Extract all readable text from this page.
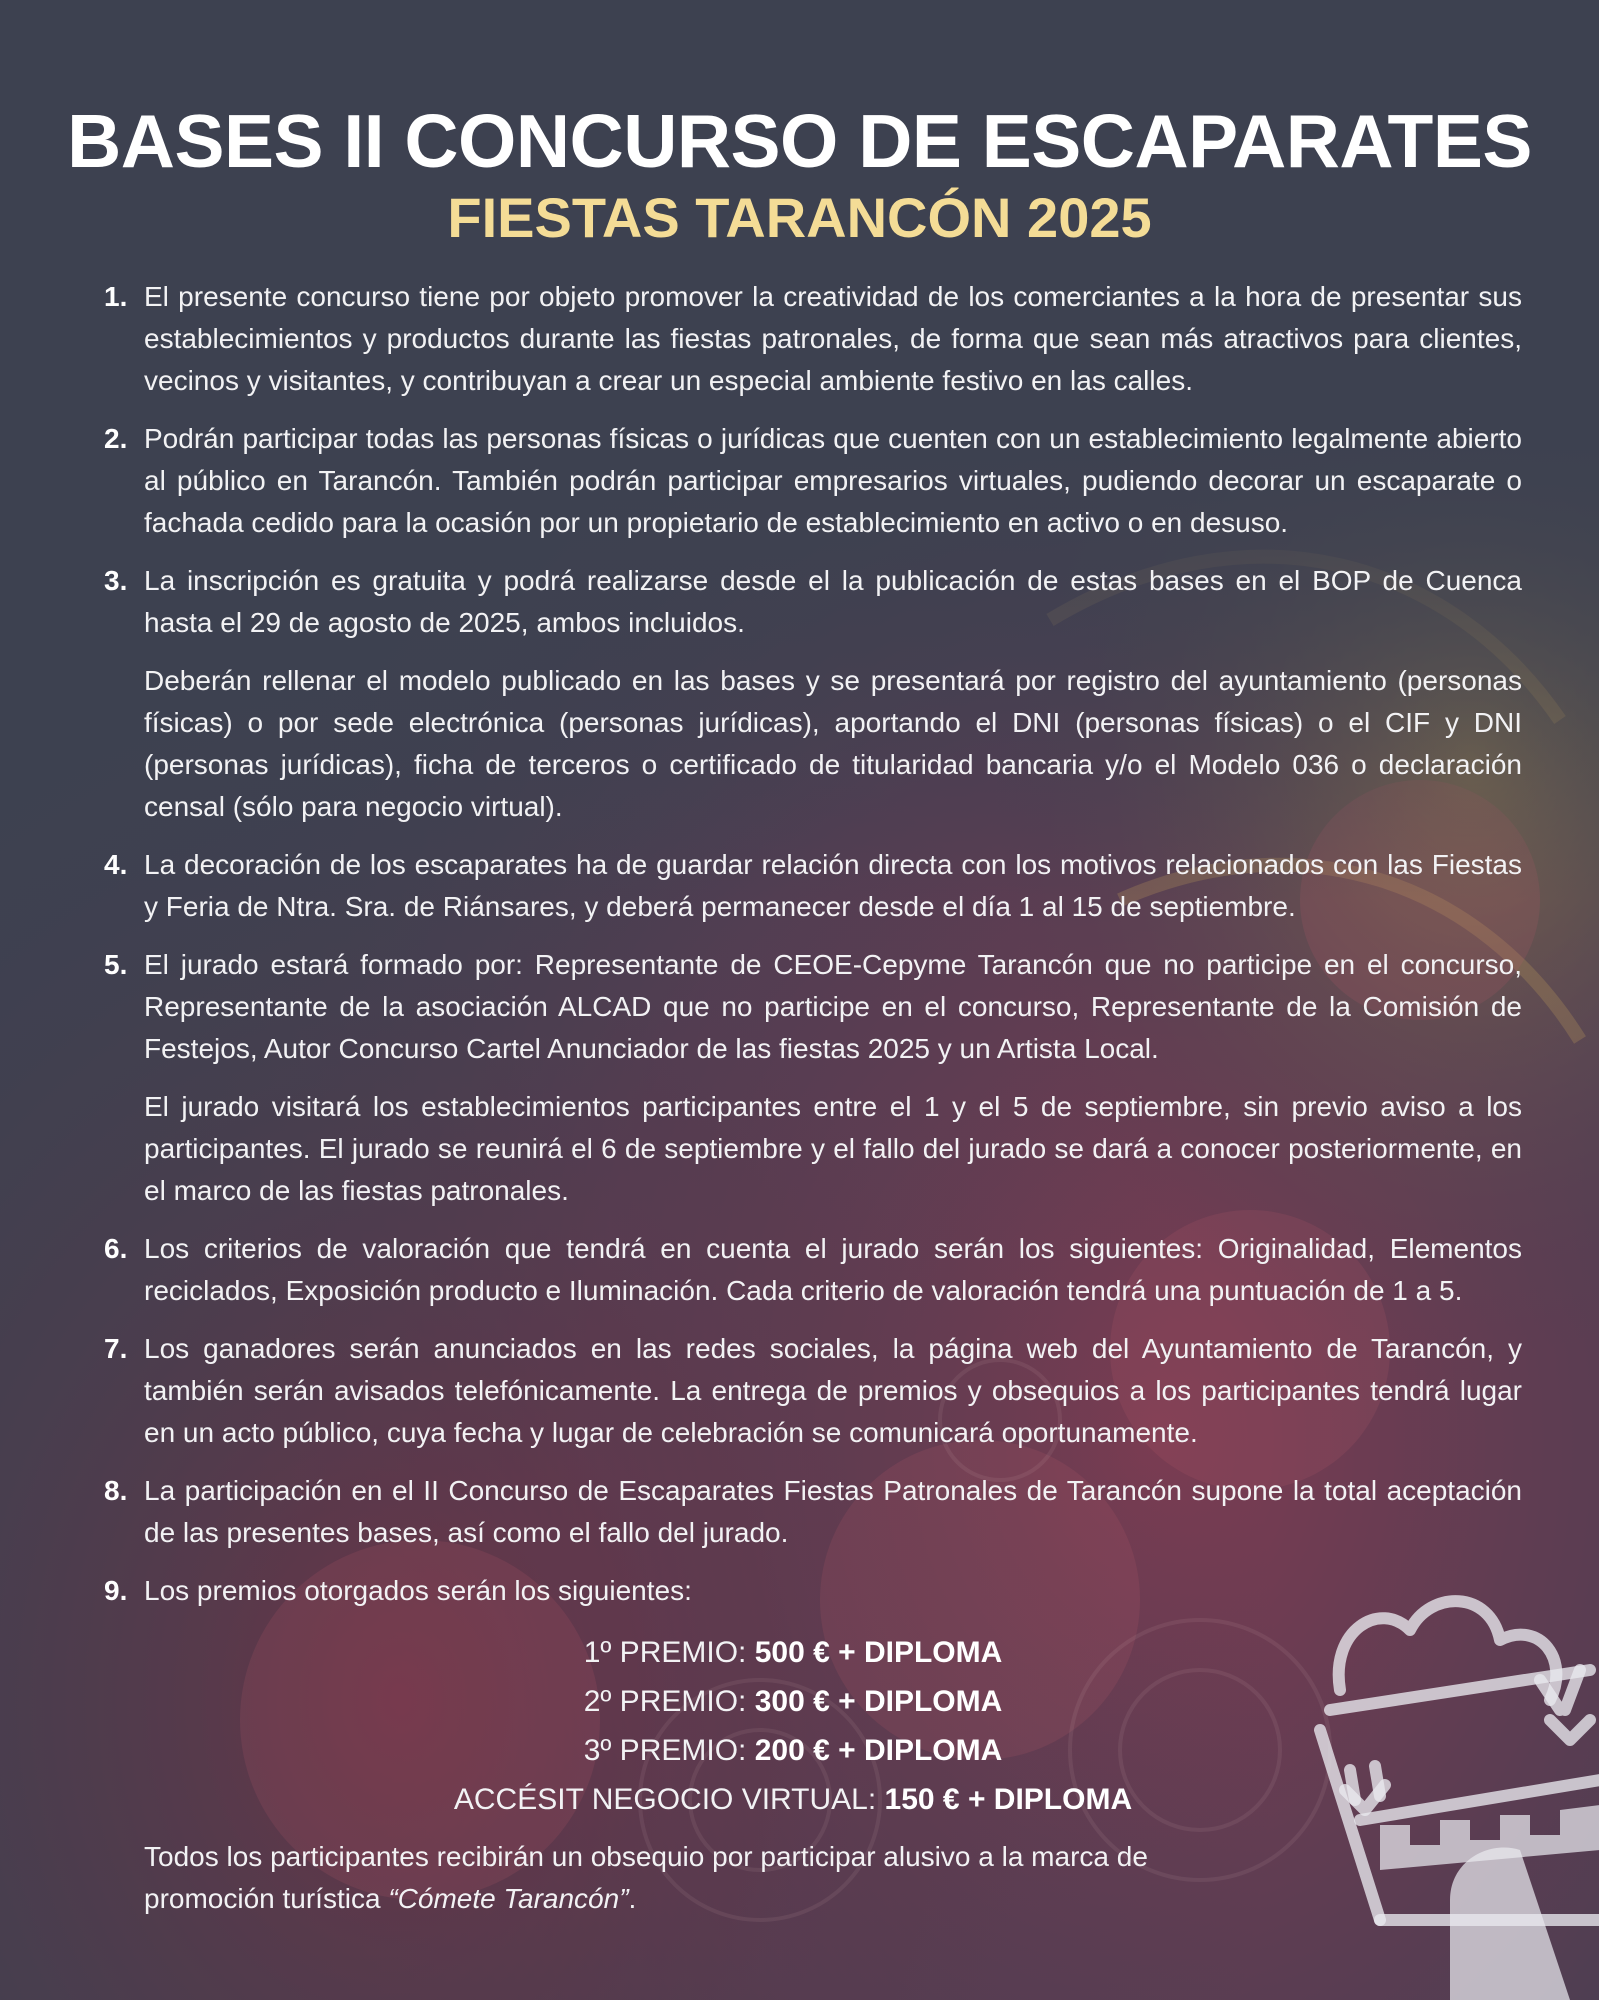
BASES II CONCURSO DE ESCAPARATES
FIESTAS TARANCÓN 2025
1. El presente concurso tiene por objeto promover la creatividad de los comerciantes a la hora de presentar sus establecimientos y productos durante las fiestas patronales, de forma que sean más atractivos para clientes, vecinos y visitantes, y contribuyan a crear un especial ambiente festivo en las calles.

2. Podrán participar todas las personas físicas o jurídicas que cuenten con un establecimiento legalmente abierto al público en Tarancón. También podrán participar empresarios virtuales, pudiendo decorar un escaparate o fachada cedido para la ocasión por un propietario de establecimiento en activo o en desuso.

3. La inscripción es gratuita y podrá realizarse desde el la publicación de estas bases en el BOP de Cuenca hasta el 29 de agosto de 2025, ambos incluidos.

Deberán rellenar el modelo publicado en las bases y se presentará por registro del ayuntamiento (personas físicas) o por sede electrónica (personas jurídicas), aportando el DNI (personas físicas) o el CIF y DNI (personas jurídicas), ficha de terceros o certificado de titularidad bancaria y/o el Modelo 036 o declaración censal (sólo para negocio virtual).

4. La decoración de los escaparates ha de guardar relación directa con los motivos relacionados con las Fiestas y Feria de Ntra. Sra. de Riánsares, y deberá permanecer desde el día 1 al 15 de septiembre.

5. El jurado estará formado por: Representante de CEOE-Cepyme Tarancón que no participe en el concurso, Representante de la asociación ALCAD que no participe en el concurso, Representante de la Comisión de Festejos, Autor Concurso Cartel Anunciador de las fiestas 2025 y un Artista Local.

El jurado visitará los establecimientos participantes entre el 1 y el 5 de septiembre, sin previo aviso a los participantes. El jurado se reunirá el 6 de septiembre y el fallo del jurado se dará a conocer posteriormente, en el marco de las fiestas patronales.

6. Los criterios de valoración que tendrá en cuenta el jurado serán los siguientes: Originalidad, Elementos reciclados, Exposición producto e Iluminación. Cada criterio de valoración tendrá una puntuación de 1 a 5.

7. Los ganadores serán anunciados en las redes sociales, la página web del Ayuntamiento de Tarancón, y también serán avisados telefónicamente. La entrega de premios y obsequios a los participantes tendrá lugar en un acto público, cuya fecha y lugar de celebración se comunicará oportunamente.

8. La participación en el II Concurso de Escaparates Fiestas Patronales de Tarancón supone la total aceptación de las presentes bases, así como el fallo del jurado.

9. Los premios otorgados serán los siguientes:

1º PREMIO: 500 € + DIPLOMA
2º PREMIO: 300 € + DIPLOMA
3º PREMIO: 200 € + DIPLOMA
ACCÉSIT NEGOCIO VIRTUAL: 150 € + DIPLOMA
Todos los participantes recibirán un obsequio por participar alusivo a la marca de promoción turística “Cómete Tarancón”.
